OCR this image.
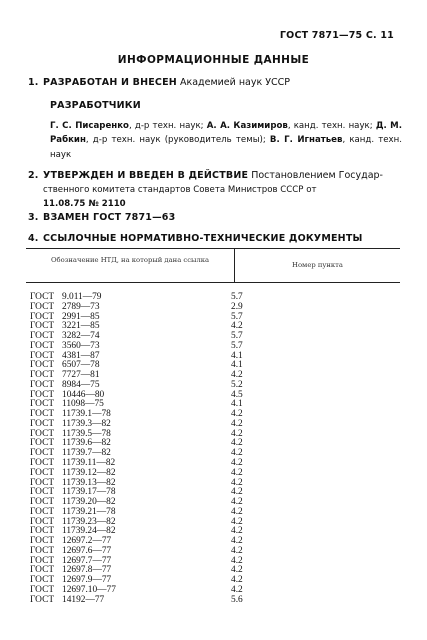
ГОСТ 7871—75 С. 11
ИНФОРМАЦИОННЫЕ ДАННЫЕ
1. РАЗРАБОТАН И ВНЕСЕН Академией наук УССР
РАЗРАБОТЧИКИ
Г. С. Писаренко, д-р техн. наук; А. А. Казимиров, канд. техн. наук; Д. М. Рабкин, д-р техн. наук (руководитель темы); В. Г. Игнатьев, канд. техн. наук
2. УТВЕРЖДЕН И ВВЕДЕН В ДЕЙСТВИЕ Постановлением Государ-
ственного комитета стандартов Совета Министров СССР от
11.08.75 № 2110
3. ВЗАМЕН ГОСТ 7871—63
4. ССЫЛОЧНЫЕ НОРМАТИВНО-ТЕХНИЧЕСКИЕ ДОКУМЕНТЫ
Обозначение НТД, на который дана ссылка
Номер пункта
ГОСТ 9.011—79	5.7
ГОСТ 2789—73	2.9
ГОСТ 2991—85	5.7
ГОСТ 3221—85	4.2
ГОСТ 3282—74	5.7
ГОСТ 3560—73	5.7
ГОСТ 4381—87	4.1
ГОСТ 6507—78	4.1
ГОСТ 7727—81	4.2
ГОСТ 8984—75	5.2
ГОСТ 10446—80	4.5
ГОСТ 11098—75	4.1
ГОСТ 11739.1—78	4.2
ГОСТ 11739.3—82	4.2
ГОСТ 11739.5—78	4.2
ГОСТ 11739.6—82	4.2
ГОСТ 11739.7—82	4.2
ГОСТ 11739.11—82	4.2
ГОСТ 11739.12—82	4.2
ГОСТ 11739.13—82	4.2
ГОСТ 11739.17—78	4.2
ГОСТ 11739.20—82	4.2
ГОСТ 11739.21—78	4.2
ГОСТ 11739.23—82	4.2
ГОСТ 11739.24—82	4.2
ГОСТ 12697.2—77	4.2
ГОСТ 12697.6—77	4.2
ГОСТ 12697.7—77	4.2
ГОСТ 12697.8—77	4.2
ГОСТ 12697.9—77	4.2
ГОСТ 12697.10—77	4.2
ГОСТ 14192—77	5.6
